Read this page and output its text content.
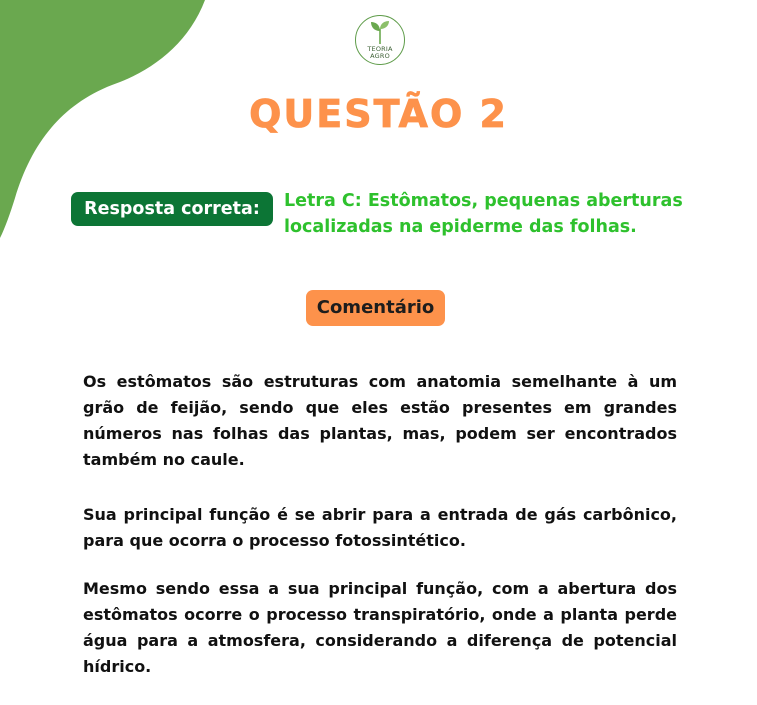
TEORIA
AGRO
QUESTÃO 2
Resposta correta:	Letra C: Estômatos, pequenas aberturas localizadas na epiderme das folhas.
Comentário

Os estômatos são estruturas com anatomia semelhante à um grão de feijão, sendo que eles estão presentes em grandes números nas folhas das plantas, mas, podem ser encontrados também no caule.

Sua principal função é se abrir para a entrada de gás carbônico, para que ocorra o processo fotossintético.

Mesmo sendo essa a sua principal função, com a abertura dos estômatos ocorre o processo transpiratório, onde a planta perde água para a atmosfera, considerando a diferença de potencial hídrico.
